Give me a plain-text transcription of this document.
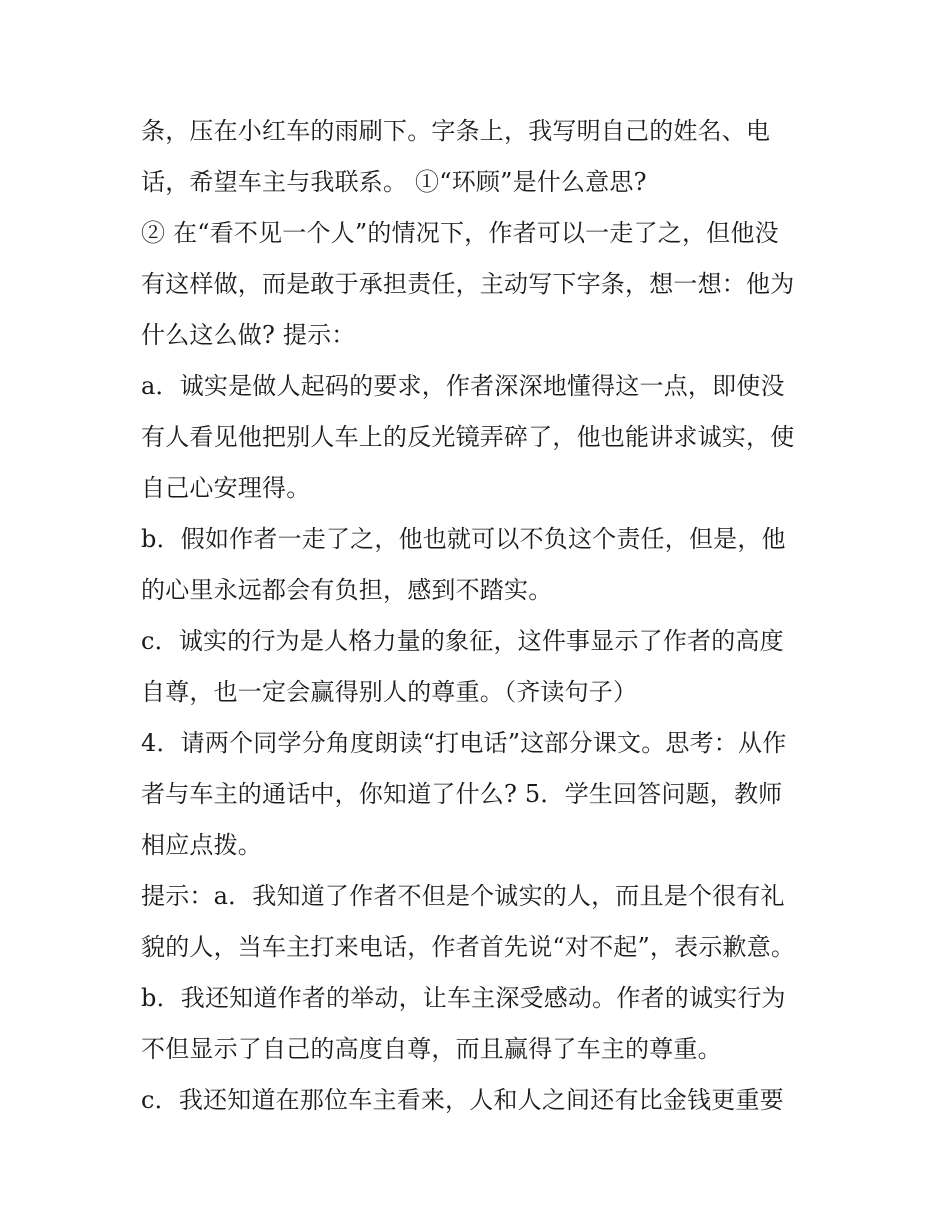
条，压在小红车的雨刷下。字条上，我写明自己的姓名、电
话，希望车主与我联系。 ①“环顾”是什么意思?
② 在“看不见一个人”的情况下，作者可以一走了之，但他没
有这样做，而是敢于承担责任，主动写下字条，想一想：他为
什么这么做? 提示：
a．诚实是做人起码的要求，作者深深地懂得这一点，即使没
有人看见他把别人车上的反光镜弄碎了，他也能讲求诚实，使
自己心安理得。
b．假如作者一走了之，他也就可以不负这个责任，但是，他
的心里永远都会有负担，感到不踏实。
c．诚实的行为是人格力量的象征，这件事显示了作者的高度
自尊，也一定会赢得别人的尊重。（齐读句子）
4．请两个同学分角度朗读“打电话”这部分课文。思考：从作
者与车主的通话中，你知道了什么? 5．学生回答问题，教师
相应点拨。
提示：a．我知道了作者不但是个诚实的人，而且是个很有礼
貌的人，当车主打来电话，作者首先说“对不起”，表示歉意。
b．我还知道作者的举动，让车主深受感动。作者的诚实行为
不但显示了自己的高度自尊，而且赢得了车主的尊重。
c．我还知道在那位车主看来，人和人之间还有比金钱更重要
